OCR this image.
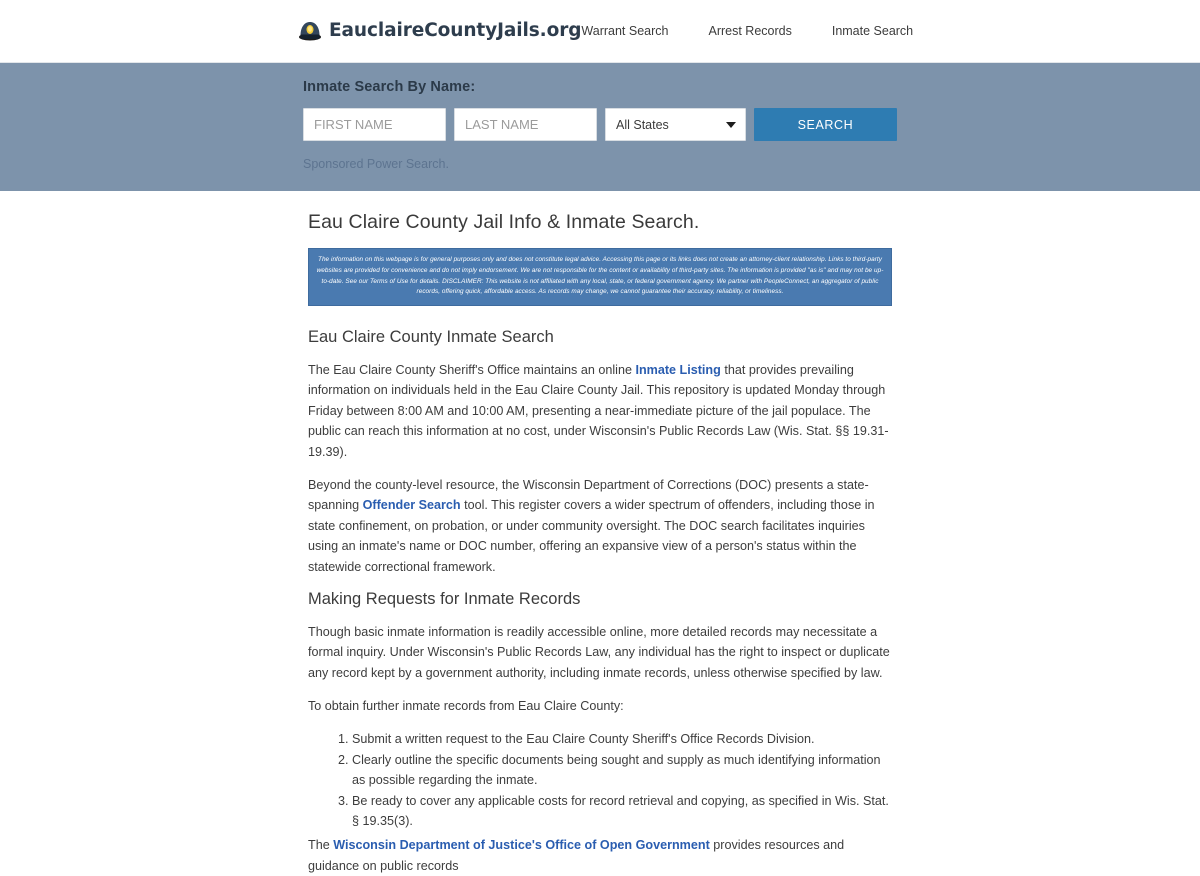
EauclaireCountyJails.org Warrant Search	Arrest Records	Inmate Search
Inmate Search By Name:
FIRST NAME
LAST NAME
All States
SEARCH
Sponsored Power Search.
Eau Claire County Jail Info & Inmate Search.
The information on this webpage is for general purposes only and does not constitute legal advice. Accessing this page or its links does not create an attorney-client relationship. Links to third-party websites are provided for convenience and do not imply endorsement. We are not responsible for the content or availability of third-party sites. The information is provided "as is" and may not be up-to-date. See our Terms of Use for details. DISCLAIMER: This website is not affiliated with any local, state, or federal government agency. We partner with PeopleConnect, an aggregator of public records, offering quick, affordable access. As records may change, we cannot guarantee their accuracy, reliability, or timeliness.
Eau Claire County Inmate Search

The Eau Claire County Sheriff's Office maintains an online Inmate Listing that provides prevailing information on individuals held in the Eau Claire County Jail. This repository is updated Monday through Friday between 8:00 AM and 10:00 AM, presenting a near-immediate picture of the jail populace. The public can reach this information at no cost, under Wisconsin's Public Records Law (Wis. Stat. §§ 19.31-19.39).

Beyond the county-level resource, the Wisconsin Department of Corrections (DOC) presents a state-spanning Offender Search tool. This register covers a wider spectrum of offenders, including those in state confinement, on probation, or under community oversight. The DOC search facilitates inquiries using an inmate's name or DOC number, offering an expansive view of a person's status within the statewide correctional framework.

Making Requests for Inmate Records

Though basic inmate information is readily accessible online, more detailed records may necessitate a formal inquiry. Under Wisconsin's Public Records Law, any individual has the right to inspect or duplicate any record kept by a government authority, including inmate records, unless otherwise specified by law.

To obtain further inmate records from Eau Claire County:

1. Submit a written request to the Eau Claire County Sheriff's Office Records Division.
2. Clearly outline the specific documents being sought and supply as much identifying information as possible regarding the inmate.
3. Be ready to cover any applicable costs for record retrieval and copying, as specified in Wis. Stat. § 19.35(3).

The Wisconsin Department of Justice's Office of Open Government provides resources and guidance on public records
